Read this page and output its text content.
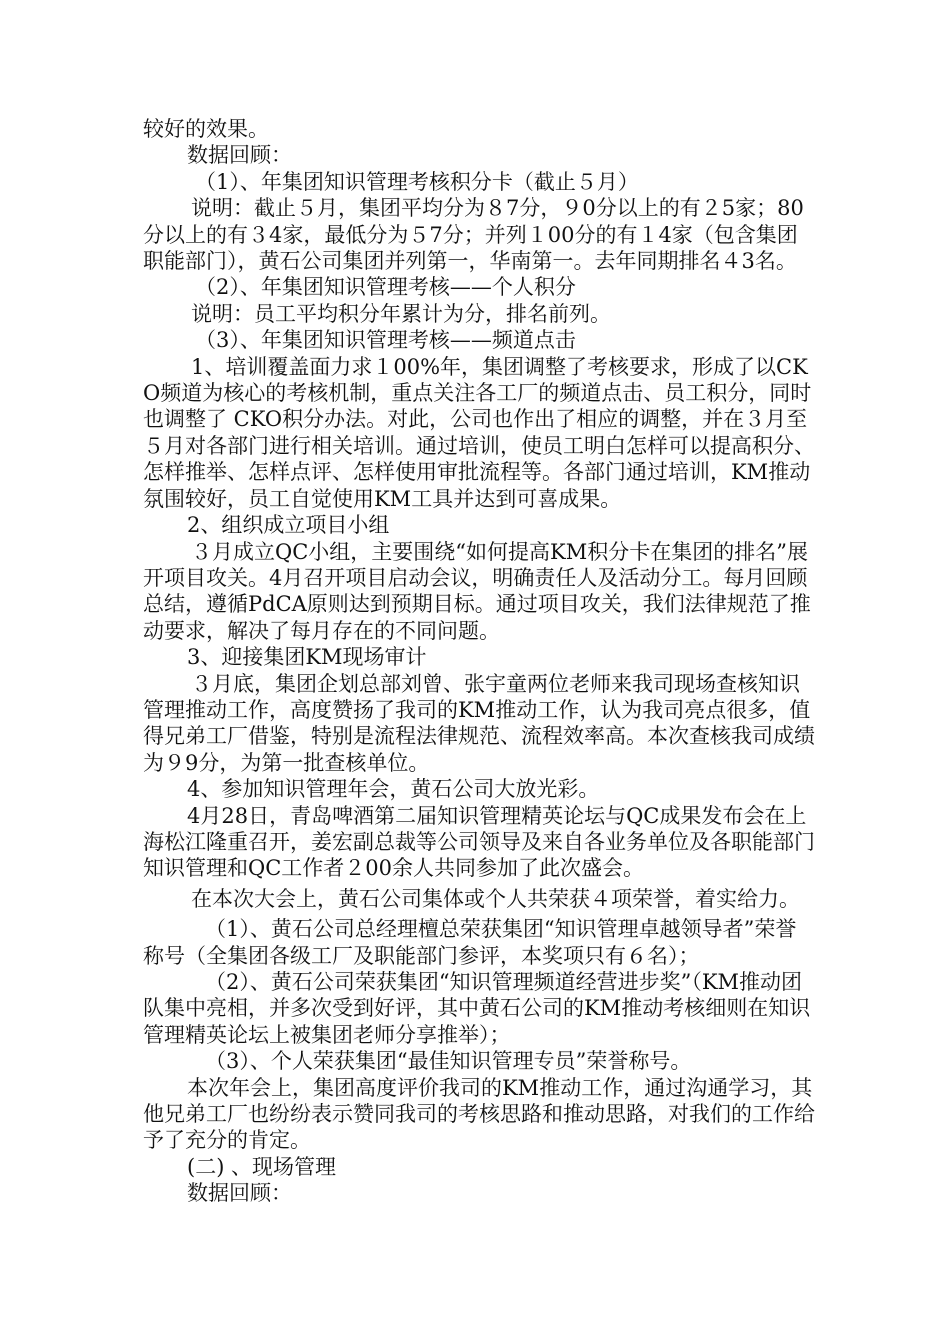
较好的效果。

数据回顾：

（1）、年集团知识管理考核积分卡（截止５月）

说明：截止５月，集团平均分为８7分，９0分以上的有２5家；80分以上的有３4家，最低分为５7分；并列１00分的有１4家（包含集团职能部门），黄石公司集团并列第一，华南第一。去年同期排名４3名。

（2）、年集团知识管理考核——个人积分

说明：员工平均积分年累计为分，排名前列。

（3）、年集团知识管理考核——频道点击

1、培训覆盖面力求１00%年，集团调整了考核要求，形成了以CKO频道为核心的考核机制，重点关注各工厂的频道点击、员工积分，同时也调整了 CKO积分办法。对此，公司也作出了相应的调整，并在３月至５月对各部门进行相关培训。通过培训，使员工明白怎样可以提高积分、怎样推举、怎样点评、怎样使用审批流程等。各部门通过培训，KM推动氛围较好，员工自觉使用KM工具并达到可喜成果。

2、组织成立项目小组

３月成立QC小组，主要围绕“如何提高KM积分卡在集团的排名”展开项目攻关。4月召开项目启动会议，明确责任人及活动分工。每月回顾总结，遵循PdCA原则达到预期目标。通过项目攻关，我们法律规范了推动要求，解决了每月存在的不同问题。

3、迎接集团KM现场审计

３月底，集团企划总部刘曾、张宇童两位老师来我司现场查核知识管理推动工作，高度赞扬了我司的KM推动工作，认为我司亮点很多，值得兄弟工厂借鉴，特别是流程法律规范、流程效率高。本次查核我司成绩为９9分，为第一批查核单位。

4、参加知识管理年会，黄石公司大放光彩。

4月28日，青岛啤酒第二届知识管理精英论坛与QC成果发布会在上海松江隆重召开，姜宏副总裁等公司领导及来自各业务单位及各职能部门知识管理和QC工作者２00余人共同参加了此次盛会。

在本次大会上，黄石公司集体或个人共荣获４项荣誉，着实给力。

（1）、黄石公司总经理檀总荣获集团“知识管理卓越领导者”荣誉称号（全集团各级工厂及职能部门参评，本奖项只有６名）；

（2）、黄石公司荣获集团“知识管理频道经营进步奖”（KM推动团队集中亮相，并多次受到好评，其中黄石公司的KM推动考核细则在知识管理精英论坛上被集团老师分享推举）；

（3）、个人荣获集团“最佳知识管理专员”荣誉称号。

本次年会上，集团高度评价我司的KM推动工作，通过沟通学习，其他兄弟工厂也纷纷表示赞同我司的考核思路和推动思路，对我们的工作给予了充分的肯定。

(二) 、现场管理

数据回顾：
